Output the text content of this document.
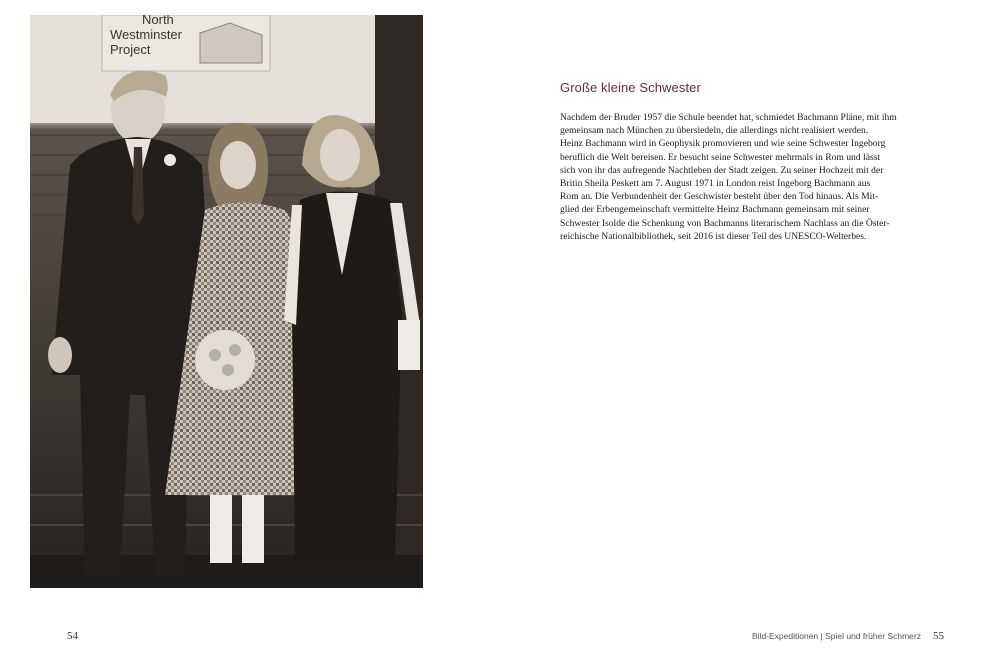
North
Westminster
Project
Große kleine Schwester
Nachdem der Bruder 1957 die Schule beendet hat, schmiedet Bachmann Pläne, mit ihm
gemeinsam nach München zu übersiedeln, die allerdings nicht realisiert werden.
Heinz Bachmann wird in Geophysik promovieren und wie seine Schwester Ingeborg
beruflich die Welt bereisen. Er besucht seine Schwester mehrmals in Rom und lässt
sich von ihr das aufregende Nachtleben der Stadt zeigen. Zu seiner Hochzeit mit der
Britin Sheila Peskett am 7. August 1971 in London reist Ingeborg Bachmann aus
Rom an. Die Verbundenheit der Geschwister besteht über den Tod hinaus. Als Mit-
glied der Erbengemeinschaft vermittelte Heinz Bachmann gemeinsam mit seiner
Schwester Isolde die Schenkung von Bachmanns literarischem Nachlass an die Öster-
reichische Nationalbibliothek, seit 2016 ist dieser Teil des UNESCO-Welterbes.
54	Bild-Expeditionen | Spiel und früher Schmerz 55
